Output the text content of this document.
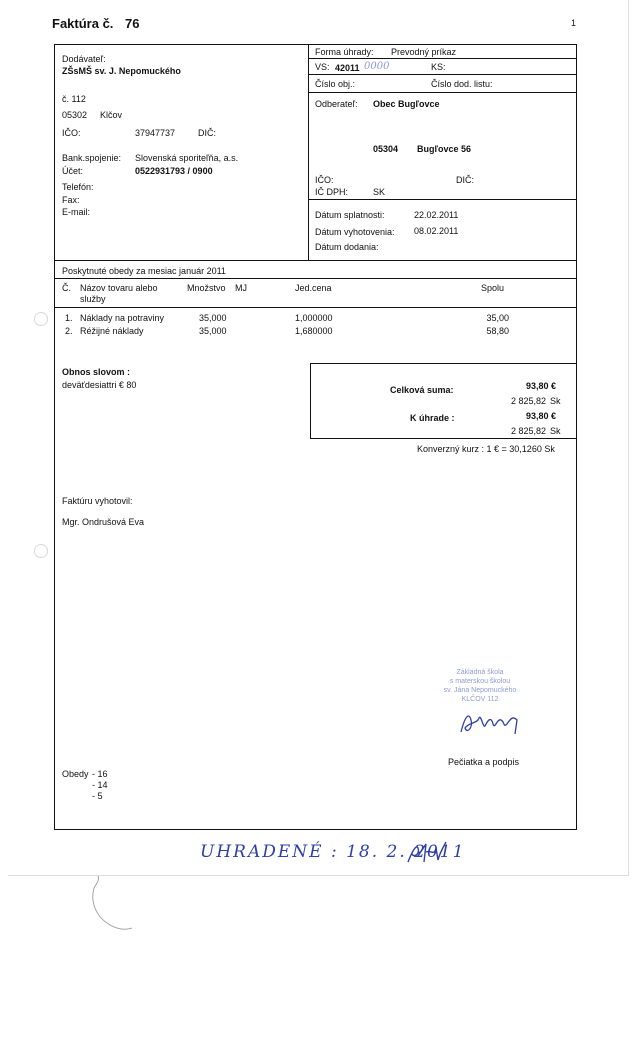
Faktúra č. 76	1
Dodávateľ:
ZŠsMŠ sv. J. Nepomuckého
č. 112
05302 Klčov
IČO:	37947737	DIČ:
Bank.spojenie: Slovenská sporiteľňa, a.s.
Účet:	0522931793 / 0900
Telefón:
Fax:
E-mail:
Forma úhrady: Prevodný príkaz
VS: 42011 0000	KS:
Číslo obj.:	Číslo dod. listu:
Odberateľ: Obec Bugľovce
05304 Bugľovce 56
IČO:	DIČ:
IČ DPH:	SK
Dátum splatnosti:	22.02.2011
Dátum vyhotovenia: 08.02.2011
Dátum dodania:
Poskytnuté obedy za mesiac január 2011
Č. Názov tovaru alebo
služby
Množstvo MJ	Jed.cena	Spolu
1. Náklady na potraviny	35,000	1,000000	35,00
2. Réžijné náklady	35,000	1,680000	58,80
Obnos slovom :
deväťdesiattri € 80	Celková suma:	93,80 €
2 825,82 Sk
K úhrade :	93,80 €
2 825,82 Sk
Konverzný kurz : 1 € = 30,1260 Sk
Faktúru vyhotovil:
Mgr. Ondrušová Eva
Základná škola
s materskou školou
sv. Jána Nepomuckého
KLČOV 112
Pečiatka a podpis
Obedy - 16
- 14
- 5
UHRADENÉ : 18. 2. 2011
